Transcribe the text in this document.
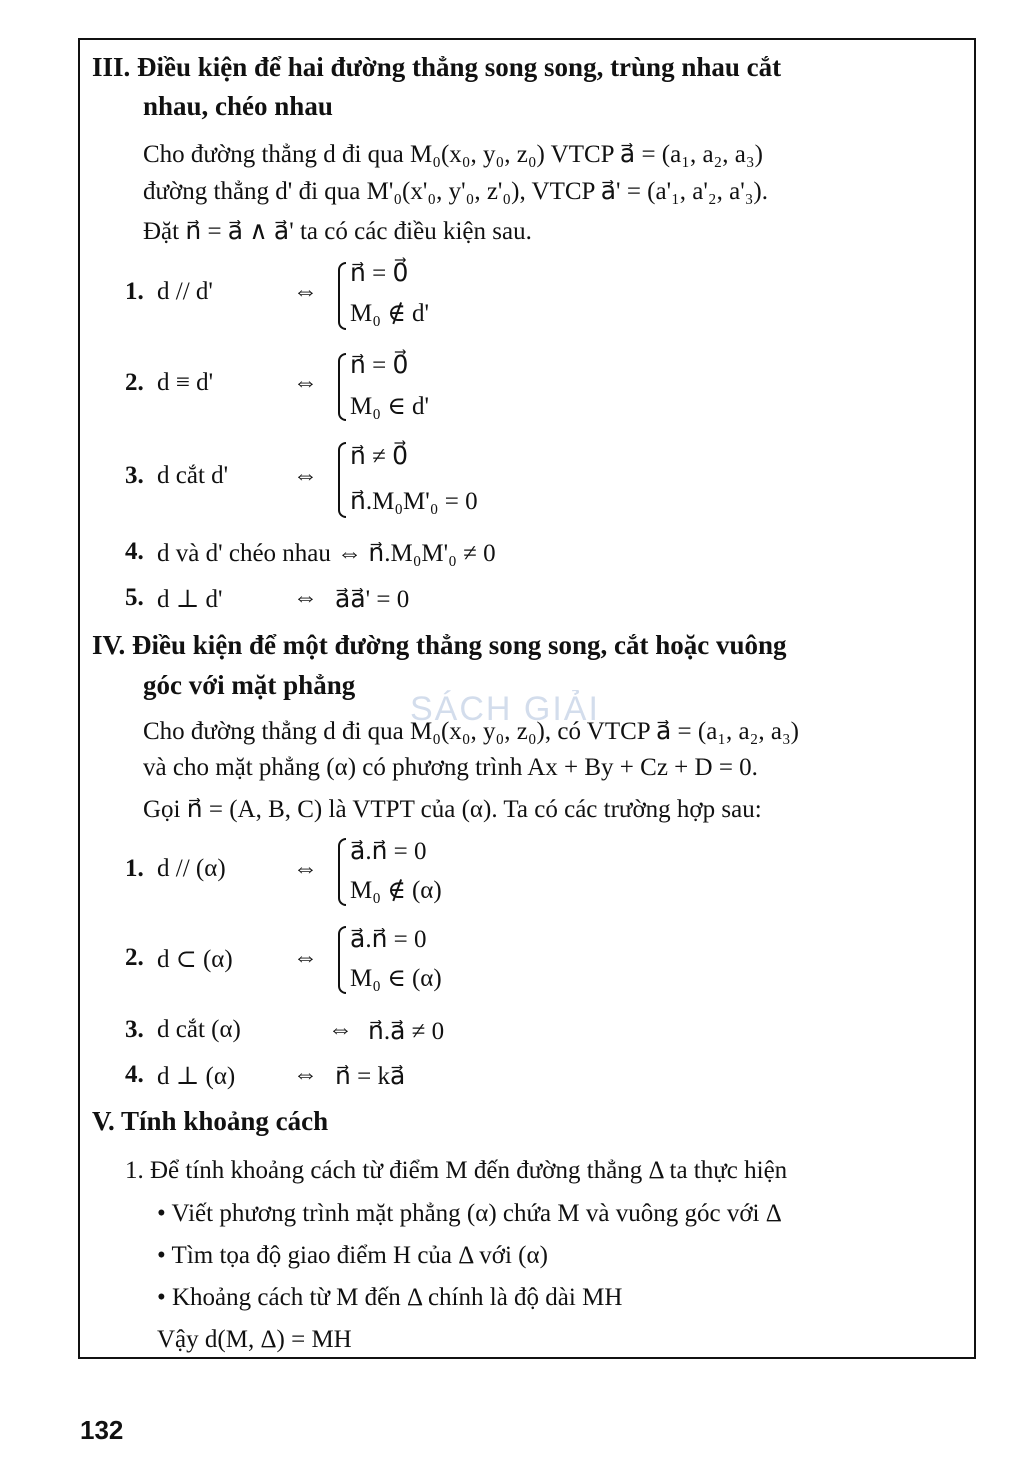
SÁCH GIẢI
III. Điều kiện để hai đường thẳng song song, trùng nhau cắt
nhau, chéo nhau
Cho đường thẳng d đi qua M₀(x₀, y₀, z₀) VTCP a⃗ = (a₁, a₂, a₃)
đường thẳng d' đi qua M'₀(x'₀, y'₀, z'₀), VTCP a⃗' = (a'₁, a'₂, a'₃).
Đặt n⃗ = a⃗ ∧ a⃗' ta có các điều kiện sau.
1. d // d'	⇔
n⃗ = 0⃗
M₀ ∉ d'
2. d ≡ d'	⇔
n⃗ = 0⃗
M₀ ∈ d'
3. d cắt d'	⇔
n⃗ ≠ 0⃗
n⃗.M₀M'₀ = 0
4. d và d' chéo nhau ⇔ n⃗.M₀M'₀ ≠ 0
5. d ⊥ d'	⇔ a⃗a⃗' = 0
IV. Điều kiện để một đường thẳng song song, cắt hoặc vuông
góc với mặt phẳng
Cho đường thẳng d đi qua M₀(x₀, y₀, z₀), có VTCP a⃗ = (a₁, a₂, a₃)
và cho mặt phẳng (α) có phương trình Ax + By + Cz + D = 0.
Gọi n⃗ = (A, B, C) là VTPT của (α). Ta có các trường hợp sau:
1. d // (α)	⇔
a⃗.n⃗ = 0
M₀ ∉ (α)
2. d ⊂ (α) ⇔
a⃗.n⃗ = 0
M₀ ∈ (α)
3. d cắt (α)	⇔ n⃗.a⃗ ≠ 0
4. d ⊥ (α) ⇔ n⃗ = ka⃗
V. Tính khoảng cách
1. Để tính khoảng cách từ điểm M đến đường thẳng Δ ta thực hiện
• Viết phương trình mặt phẳng (α) chứa M và vuông góc với Δ
• Tìm tọa độ giao điểm H của Δ với (α)
• Khoảng cách từ M đến Δ chính là độ dài MH
Vậy d(M, Δ) = MH
132
